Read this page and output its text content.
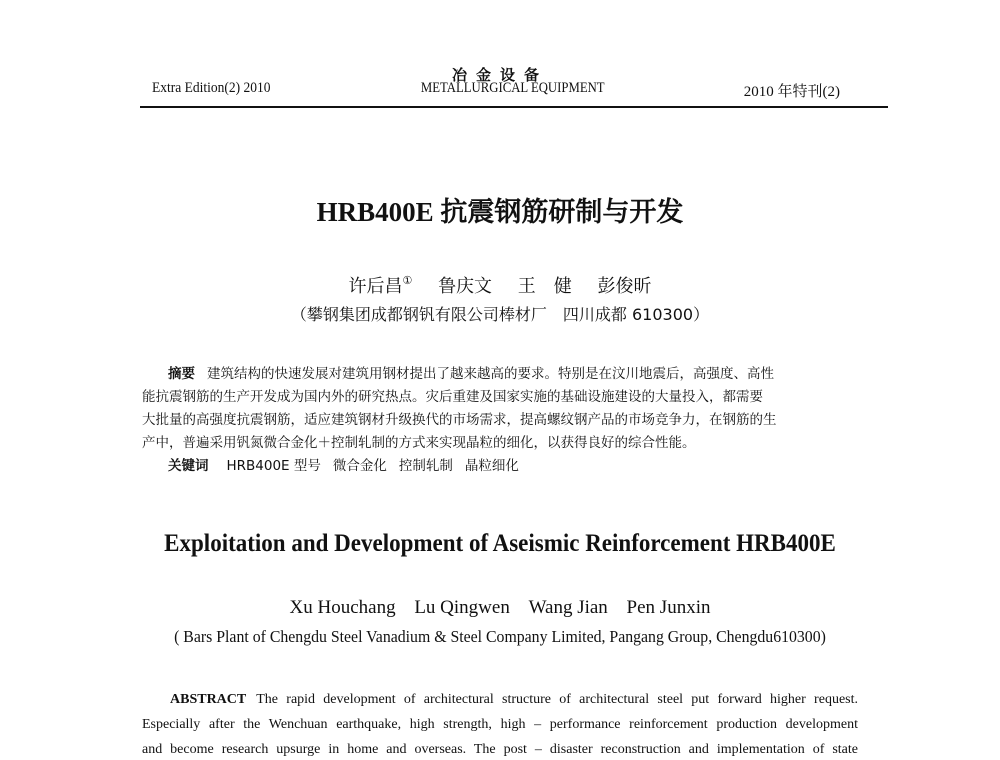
Extra Edition(2) 2010
冶金设备
METALLURGICAL EQUIPMENT	2010 年特刊(2)
HRB400E 抗震钢筋研制与开发
许后昌① 鲁庆文 王　健 彭俊昕
（攀钢集团成都钢钒有限公司棒材厂　四川成都 610300）
摘要 建筑结构的快速发展对建筑用钢材提出了越来越高的要求。特别是在汶川地震后，高强度、高性
能抗震钢筋的生产开发成为国内外的研究热点。灾后重建及国家实施的基础设施建设的大量投入，都需要
大批量的高强度抗震钢筋，适应建筑钢材升级换代的市场需求，提高螺纹钢产品的市场竞争力，在钢筋的生
产中，普遍采用钒氮微合金化＋控制轧制的方式来实现晶粒的细化，以获得良好的综合性能。
关键词 HRB400E 型号 微合金化 控制轧制 晶粒细化
Exploitation and Development of Aseismic Reinforcement HRB400E
Xu Houchang Lu Qingwen Wang Jian Pen Junxin
( Bars Plant of Chengdu Steel Vanadium & Steel Company Limited, Pangang Group, Chengdu610300)
ABSTRACT The rapid development of architectural structure of architectural steel put forward higher request.
Especially after the Wenchuan earthquake, high strength, high – performance reinforcement production development
and become research upsurge in home and overseas. The post – disaster reconstruction and implementation of state
